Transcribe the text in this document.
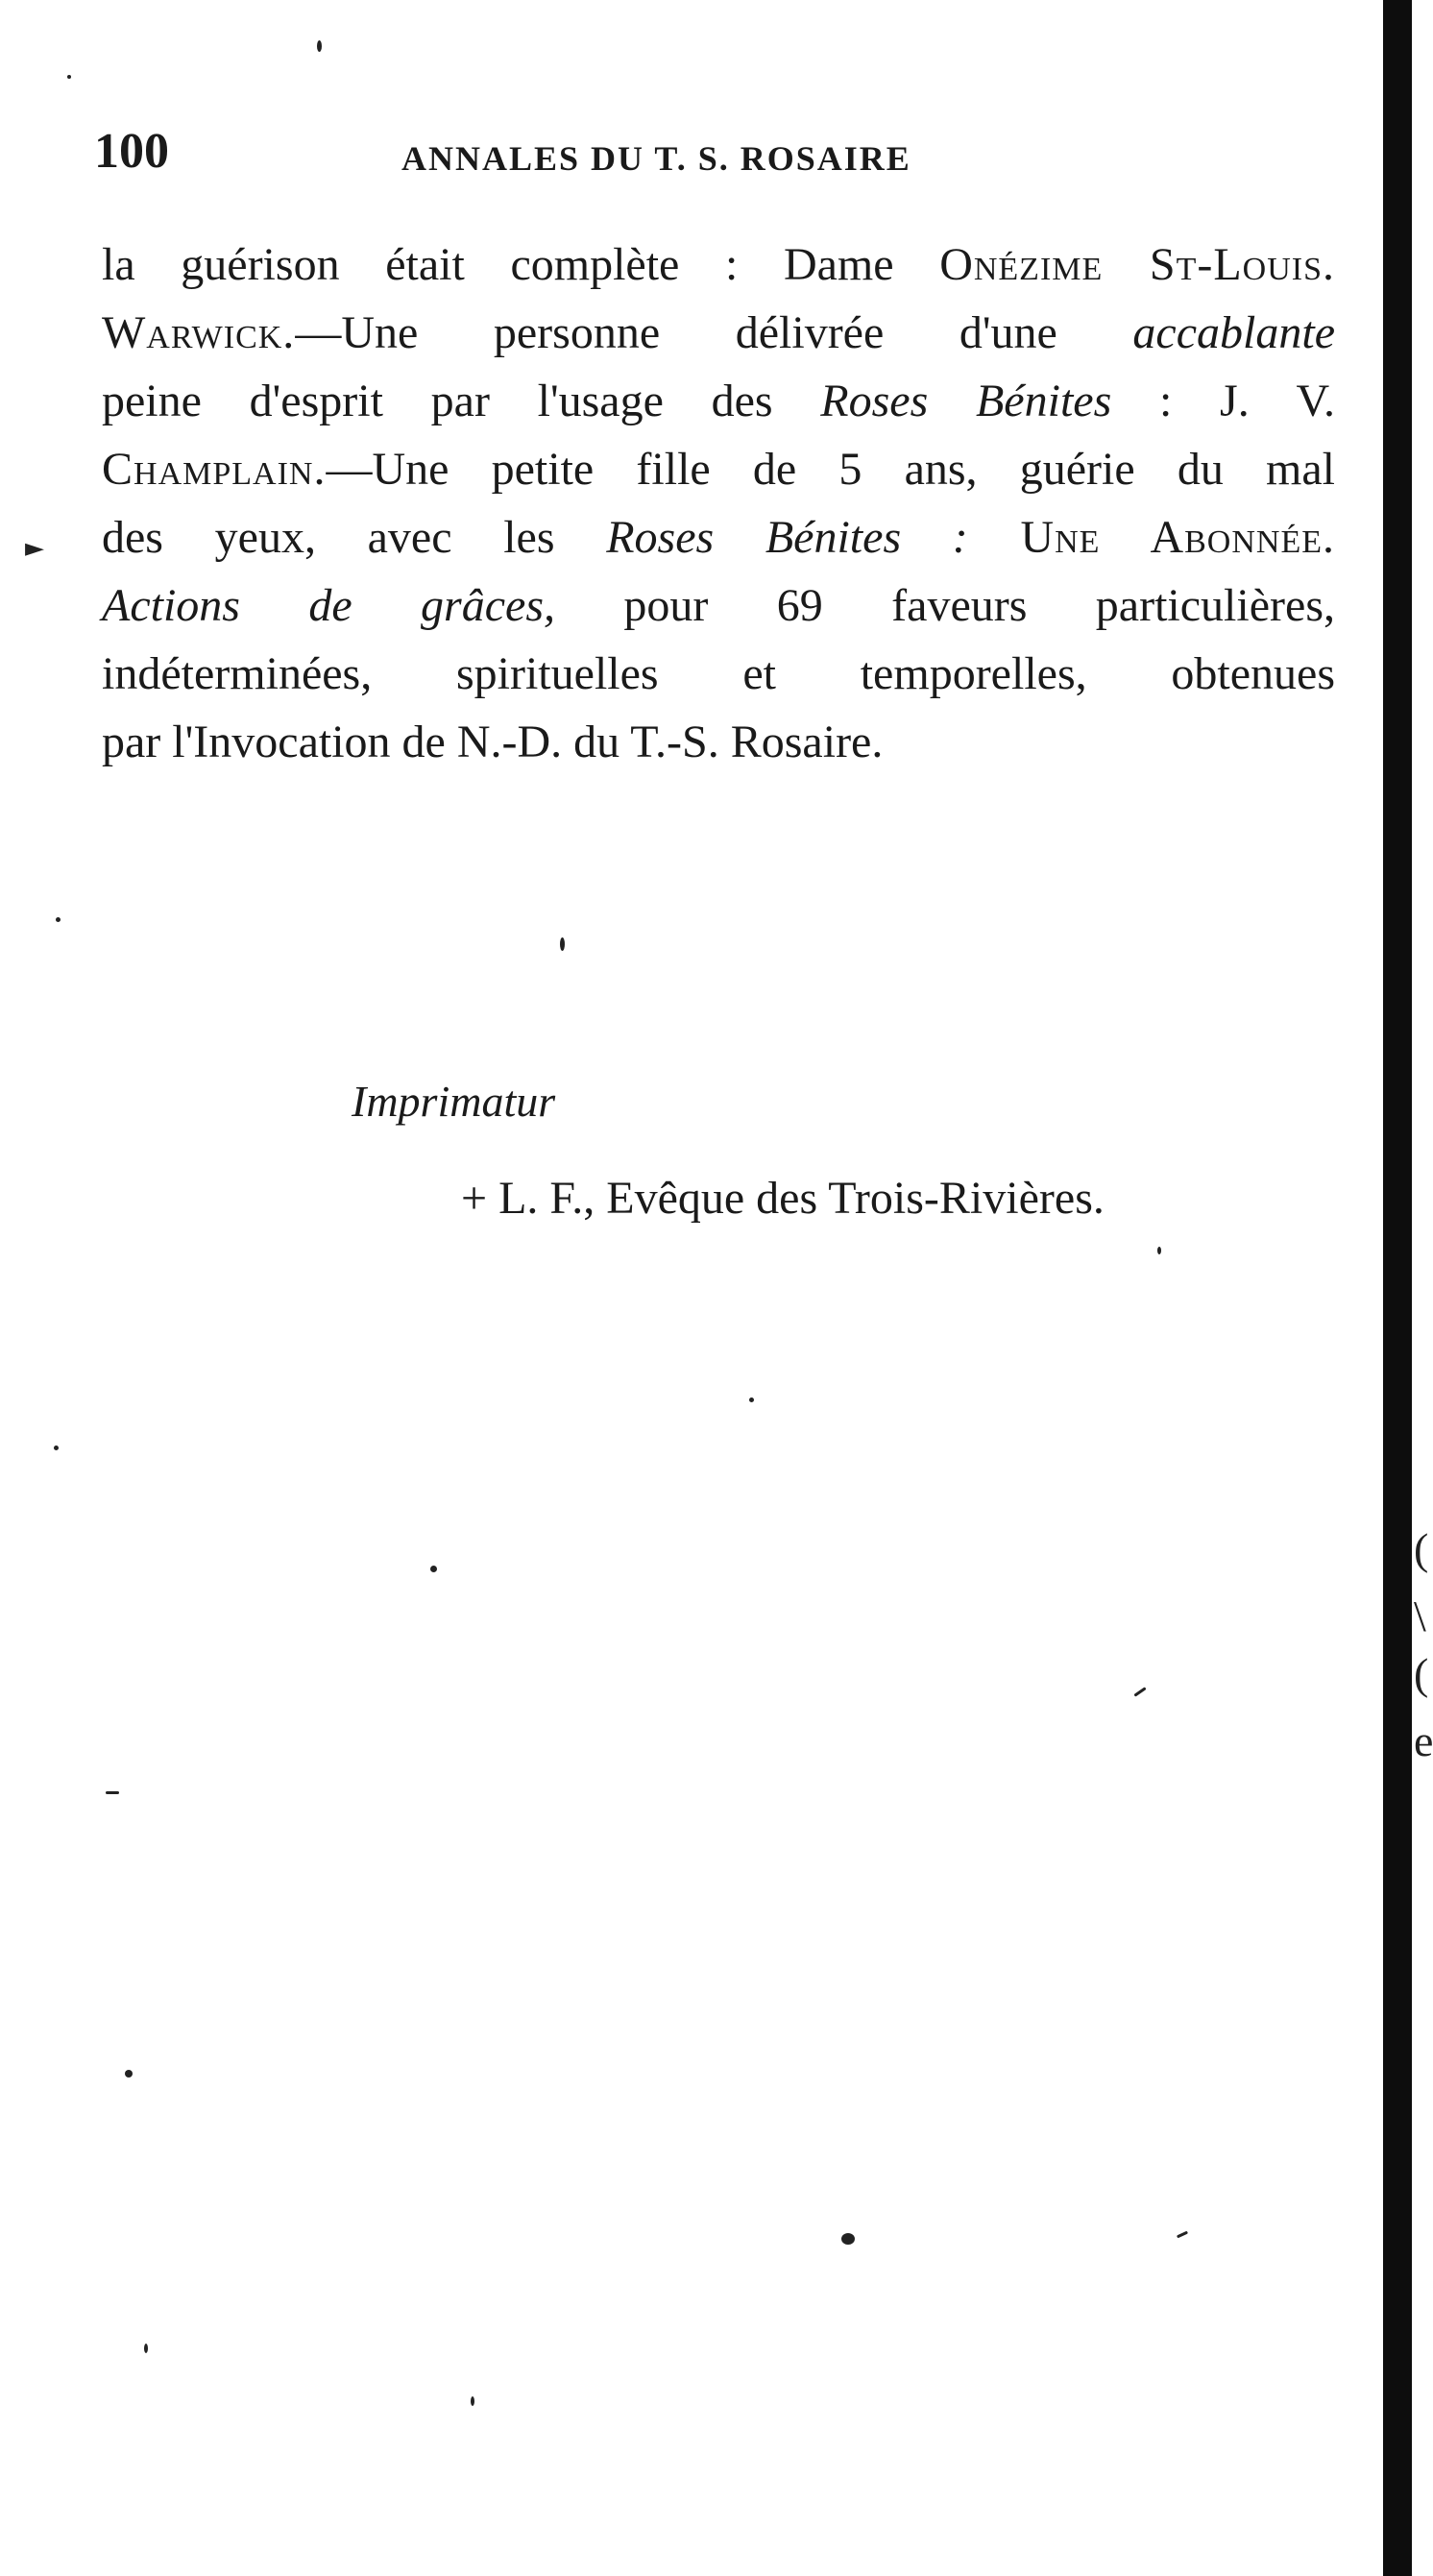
(
\
(
e
100	ANNALES DU T. S. ROSAIRE
►
la guérison était complète : Dame Onézime St-Louis.
Warwick.—Une personne délivrée d'une accablante
peine d'esprit par l'usage des Roses Bénites : J. V.
Champlain.—Une petite fille de 5 ans, guérie du mal
des yeux, avec les Roses Bénites : Une Abonnée.
Actions de grâces, pour 69 faveurs particulières,
indéterminées, spirituelles et temporelles, obtenues
par l'Invocation de N.-D. du T.-S. Rosaire.
Imprimatur
+ L. F., Evêque des Trois-Rivières.
